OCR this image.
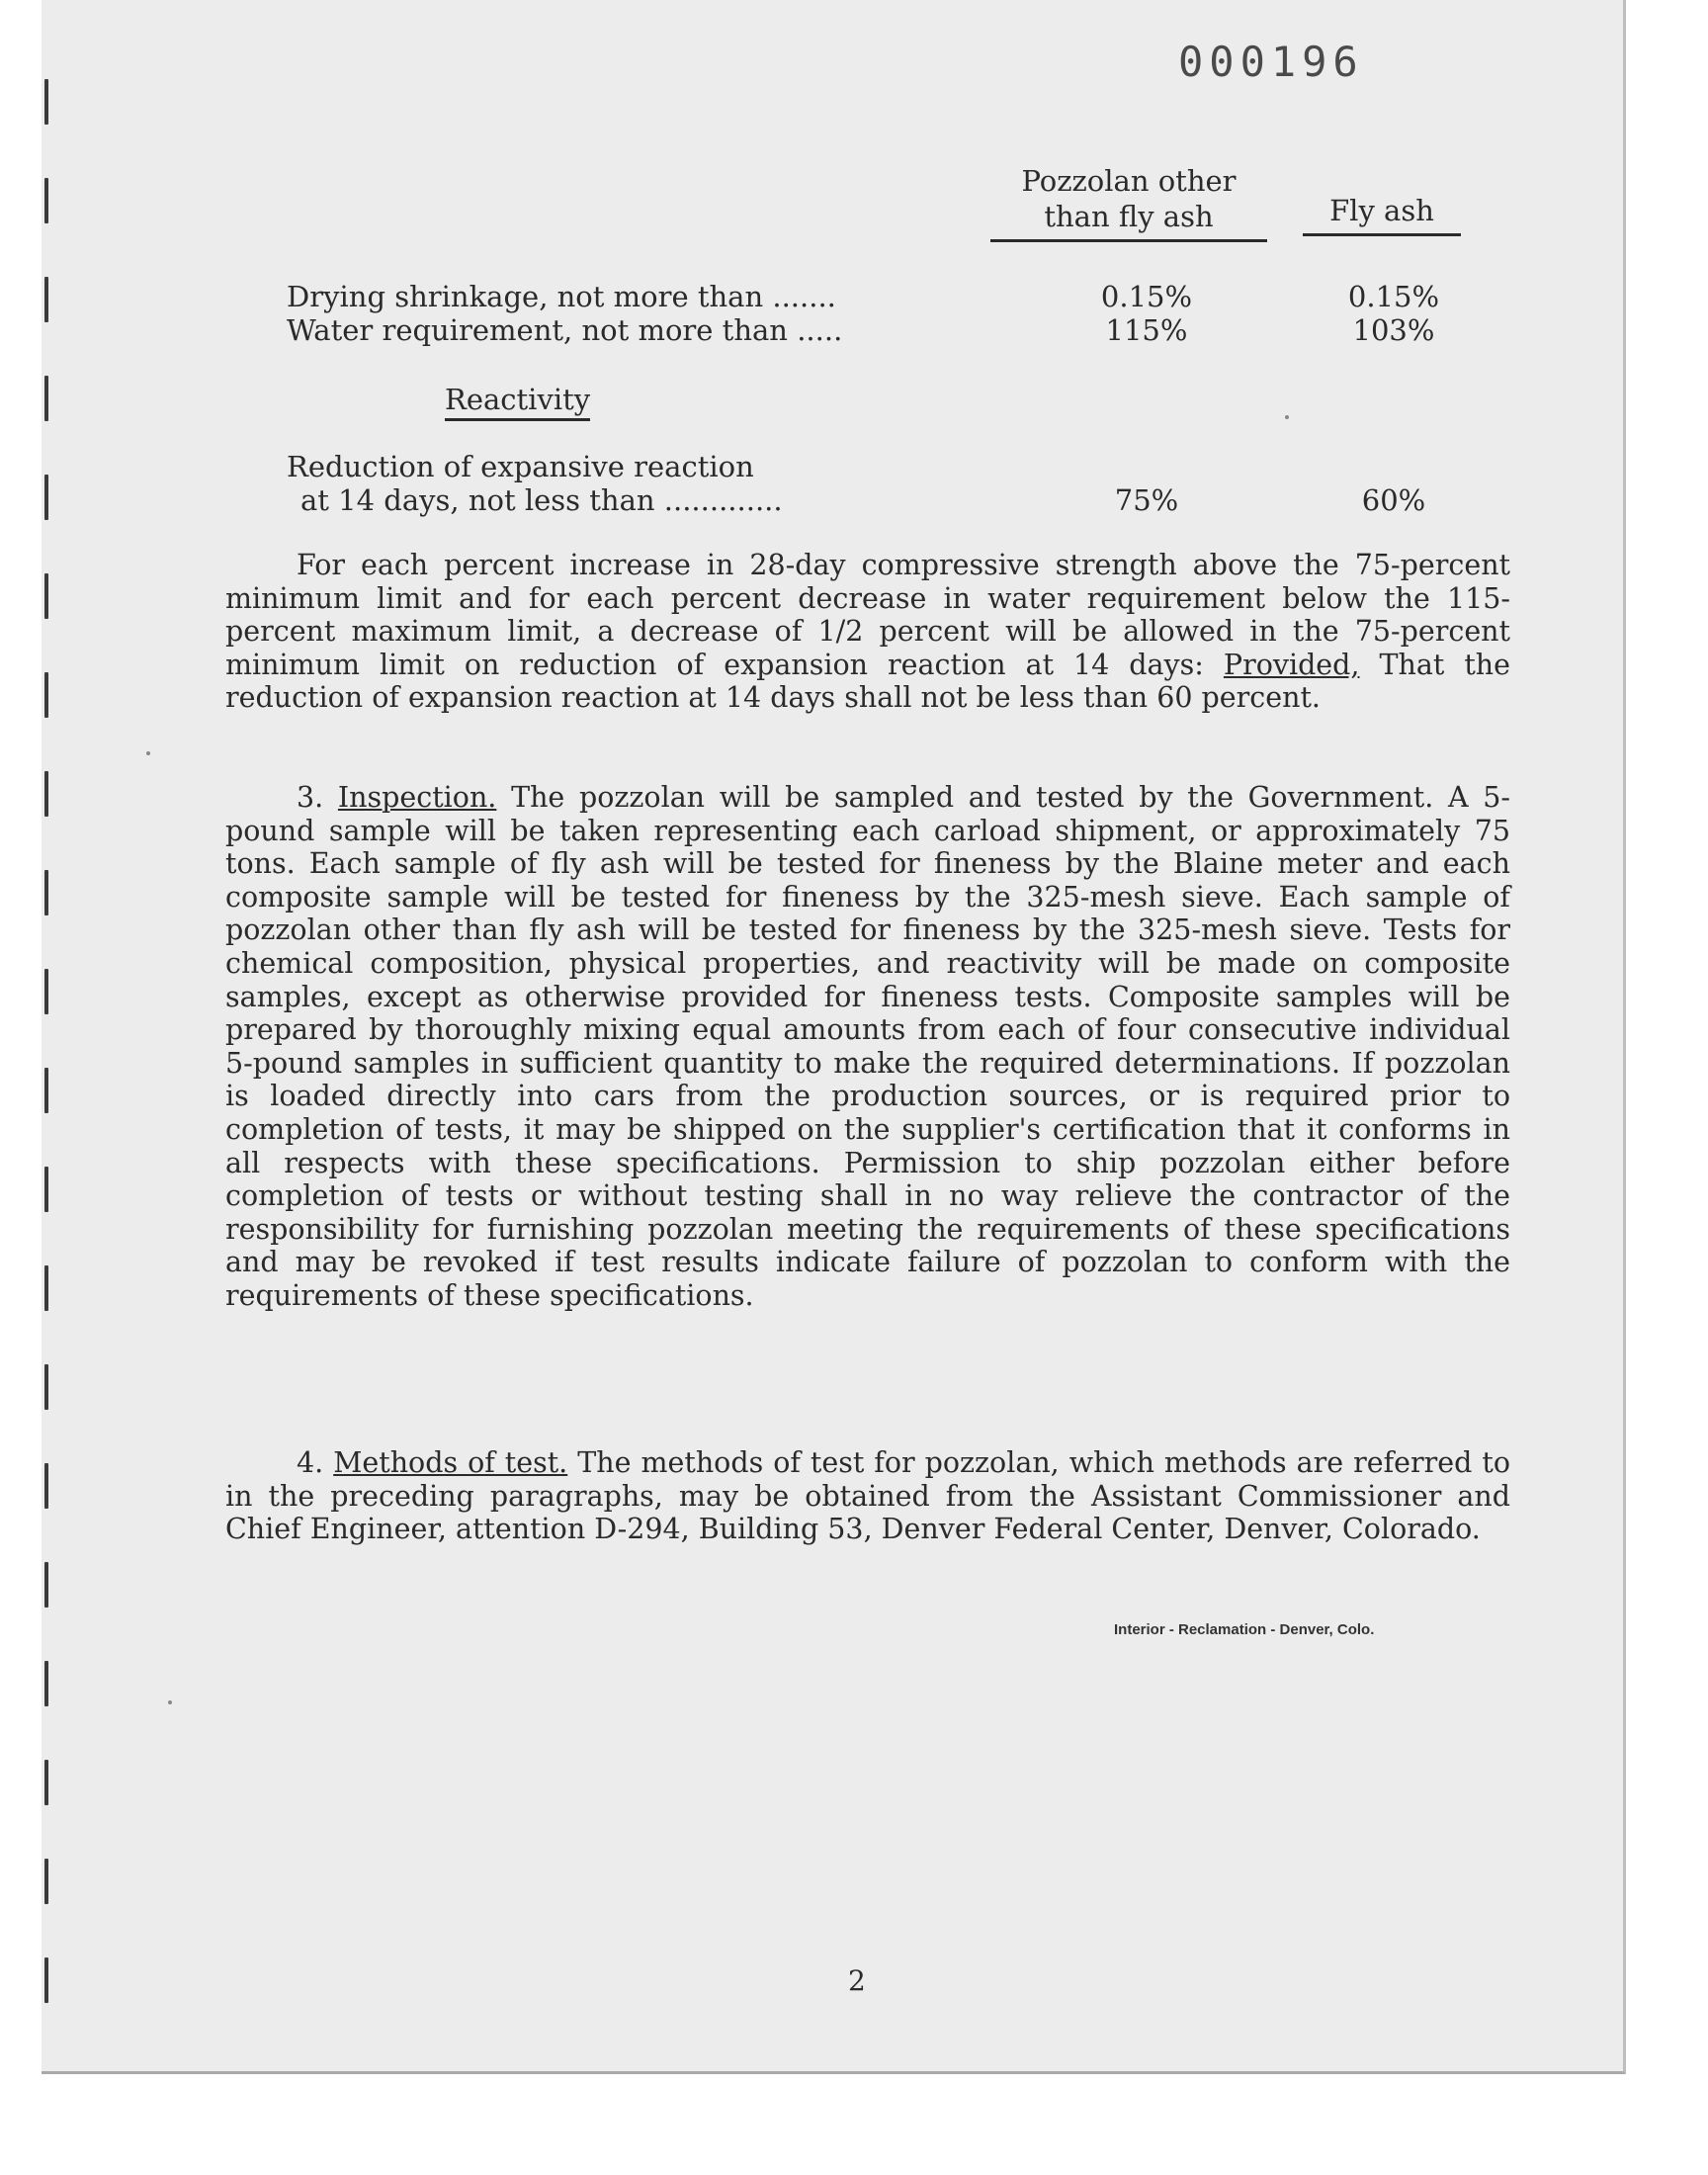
000196
Pozzolan other than fly ash	Fly ash
Drying shrinkage, not more than .......	0.15%	0.15%
Water requirement, not more than .....	115%	103%
Reactivity
Reduction of expansive reaction
at 14 days, not less than .............	75%	60%

For each percent increase in 28-day compressive strength above the 75-percent minimum limit and for each percent decrease in water requirement below the 115-percent maximum limit, a decrease of 1/2 percent will be allowed in the 75-percent minimum limit on reduction of expansion reaction at 14 days: Provided, That the reduction of expansion reaction at 14 days shall not be less than 60 percent.

3. Inspection. The pozzolan will be sampled and tested by the Government. A 5-pound sample will be taken representing each carload shipment, or approximately 75 tons. Each sample of fly ash will be tested for fineness by the Blaine meter and each composite sample will be tested for fineness by the 325-mesh sieve. Each sample of pozzolan other than fly ash will be tested for fineness by the 325-mesh sieve. Tests for chemical composition, physical properties, and reactivity will be made on composite samples, except as otherwise provided for fineness tests. Composite samples will be prepared by thoroughly mixing equal amounts from each of four consecutive individual 5-pound samples in sufficient quantity to make the required determinations. If pozzolan is loaded directly into cars from the production sources, or is required prior to completion of tests, it may be shipped on the supplier's certification that it conforms in all respects with these specifications. Permission to ship pozzolan either before completion of tests or without testing shall in no way relieve the contractor of the responsibility for furnishing pozzolan meeting the requirements of these specifications and may be revoked if test results indicate failure of pozzolan to conform with the requirements of these specifications.

4. Methods of test. The methods of test for pozzolan, which methods are referred to in the preceding paragraphs, may be obtained from the Assistant Commissioner and Chief Engineer, attention D-294, Building 53, Denver Federal Center, Denver, Colorado.

Interior - Reclamation - Denver, Colo.
2
